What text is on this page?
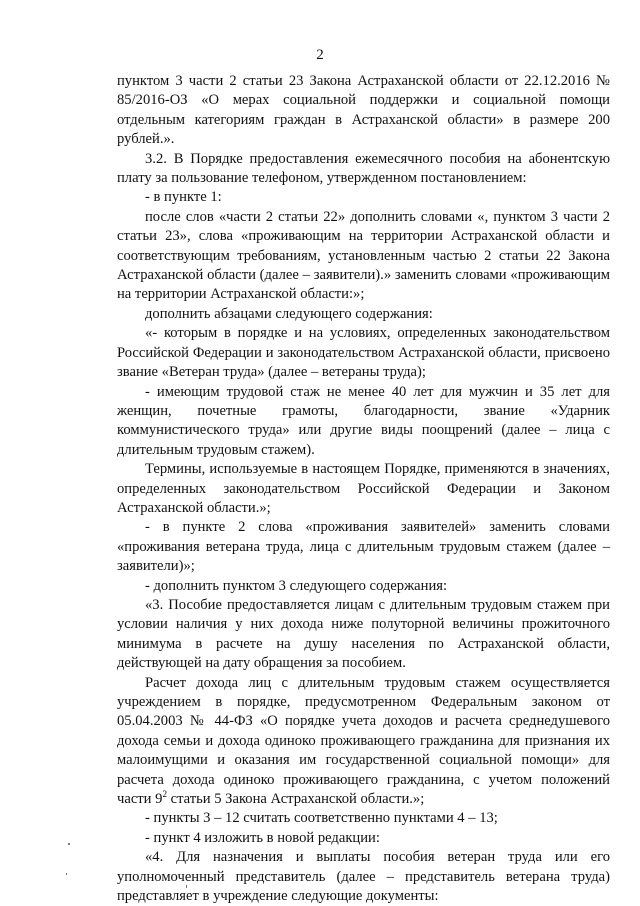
2

пунктом 3 части 2 статьи 23 Закона Астраханской области от 22.12.2016 № 85/2016-ОЗ «О мерах социальной поддержки и социальной помощи отдельным категориям граждан в Астраханской области» в размере 200 рублей.».

3.2. В Порядке предоставления ежемесячного пособия на абонентскую плату за пользование телефоном, утвержденном постановлением:

- в пункте 1:

после слов «части 2 статьи 22» дополнить словами «, пунктом 3 части 2 статьи 23», слова «проживающим на территории Астраханской области и соответствующим требованиям, установленным частью 2 статьи 22 Закона Астраханской области (далее – заявители).» заменить словами «проживающим на территории Астраханской области:»;

дополнить абзацами следующего содержания:

«- которым в порядке и на условиях, определенных законодательством Российской Федерации и законодательством Астраханской области, присвоено звание «Ветеран труда» (далее – ветераны труда);

- имеющим трудовой стаж не менее 40 лет для мужчин и 35 лет для женщин, почетные грамоты, благодарности, звание «Ударник коммунистического труда» или другие виды поощрений (далее – лица с длительным трудовым стажем).

Термины, используемые в настоящем Порядке, применяются в значениях, определенных законодательством Российской Федерации и Законом Астраханской области.»;

- в пункте 2 слова «проживания заявителей» заменить словами «проживания ветерана труда, лица с длительным трудовым стажем (далее – заявители)»;

- дополнить пунктом 3 следующего содержания:

«3. Пособие предоставляется лицам с длительным трудовым стажем при условии наличия у них дохода ниже полуторной величины прожиточного минимума в расчете на душу населения по Астраханской области, действующей на дату обращения за пособием.

Расчет дохода лиц с длительным трудовым стажем осуществляется учреждением в порядке, предусмотренном Федеральным законом от 05.04.2003 № 44-ФЗ «О порядке учета доходов и расчета среднедушевого дохода семьи и дохода одиноко проживающего гражданина для признания их малоимущими и оказания им государственной социальной помощи» для расчета дохода одиноко проживающего гражданина, с учетом положений части $9^2$ статьи 5 Закона Астраханской области.»;

- пункты 3 – 12 считать соответственно пунктами 4 – 13;

- пункт 4 изложить в новой редакции:

«4. Для назначения и выплаты пособия ветеран труда или его уполномоченный представитель (далее – представитель ветерана труда) представляет в учреждение следующие документы:
